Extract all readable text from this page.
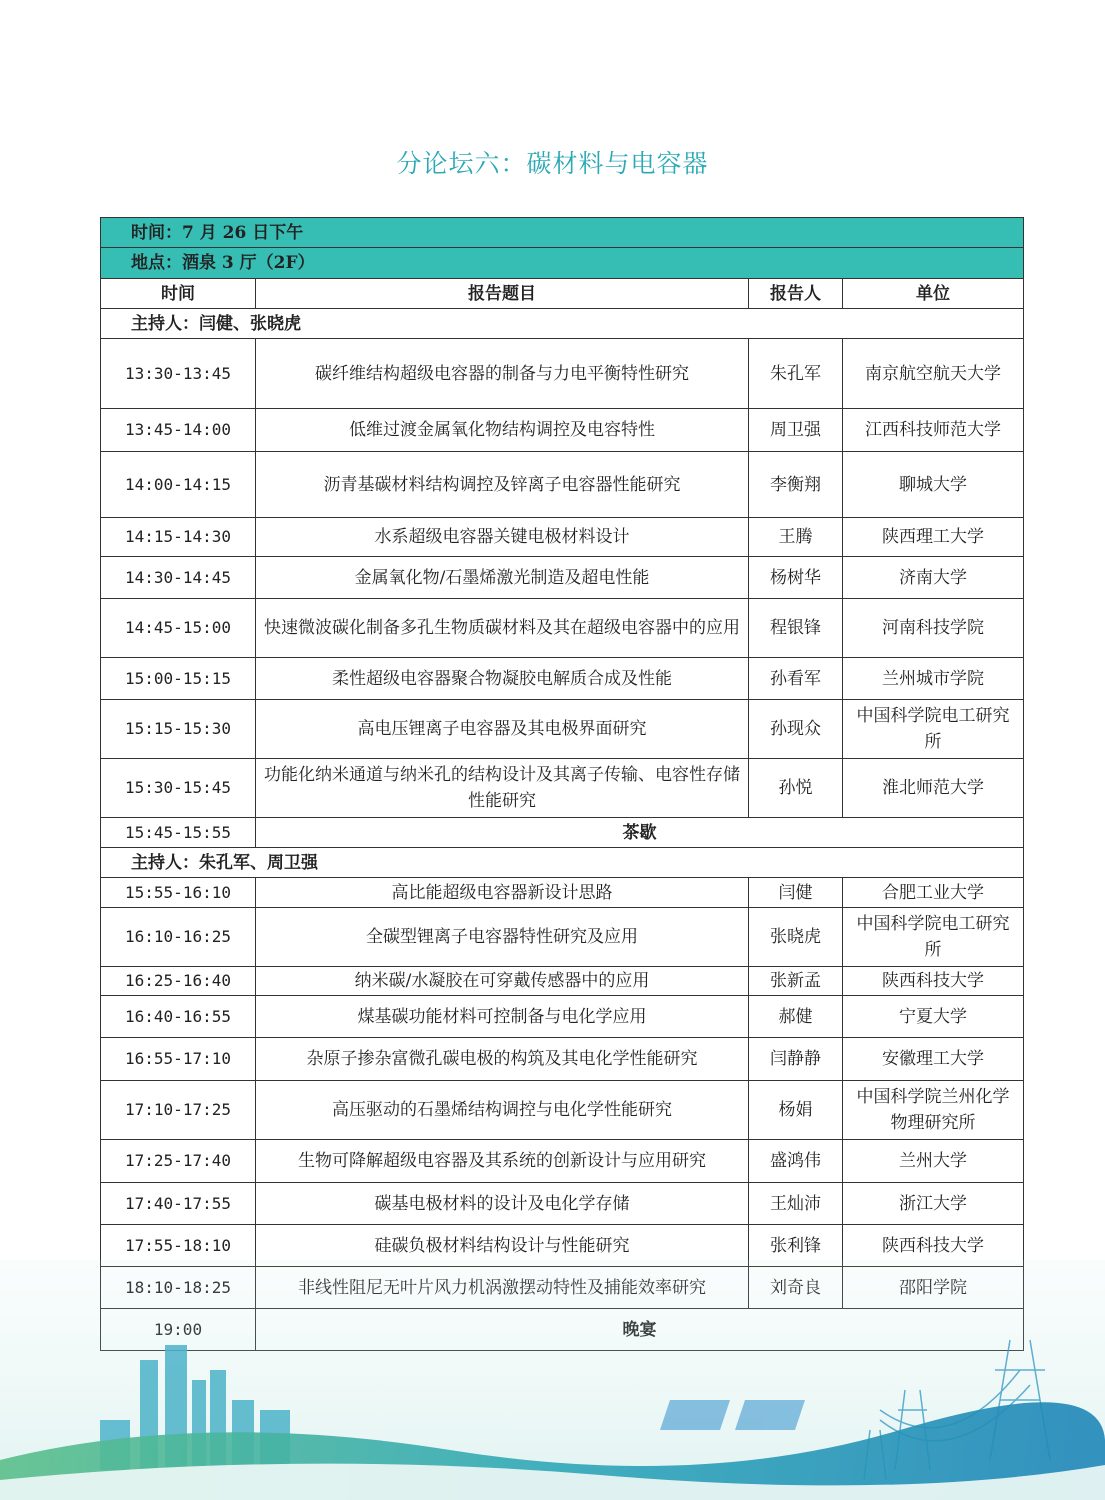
分论坛六：碳材料与电容器
时间：7 月 26 日下午			
地点：酒泉 3 厅（2F）			
时间	报告题目	报告人	单位
主持人：闫健、张晓虎			
13:30-13:45	碳纤维结构超级电容器的制备与力电平衡特性研究	朱孔军	南京航空航天大学
13:45-14:00	低维过渡金属氧化物结构调控及电容特性	周卫强	江西科技师范大学
14:00-14:15	沥青基碳材料结构调控及锌离子电容器性能研究	李衡翔	聊城大学
14:15-14:30	水系超级电容器关键电极材料设计	王腾	陕西理工大学
14:30-14:45	金属氧化物/石墨烯激光制造及超电性能	杨树华	济南大学
14:45-15:00	快速微波碳化制备多孔生物质碳材料及其在超级电容器中的应用	程银锋	河南科技学院
15:00-15:15	柔性超级电容器聚合物凝胶电解质合成及性能	孙看军	兰州城市学院
15:15-15:30	高电压锂离子电容器及其电极界面研究	孙现众	中国科学院电工研究所
15:30-15:45	功能化纳米通道与纳米孔的结构设计及其离子传输、电容性存储性能研究	孙悦	淮北师范大学
15:45-15:55	茶歇		
主持人：朱孔军、周卫强			
15:55-16:10	高比能超级电容器新设计思路	闫健	合肥工业大学
16:10-16:25	全碳型锂离子电容器特性研究及应用	张晓虎	中国科学院电工研究所
16:25-16:40	纳米碳/水凝胶在可穿戴传感器中的应用	张新孟	陕西科技大学
16:40-16:55	煤基碳功能材料可控制备与电化学应用	郝健	宁夏大学
16:55-17:10	杂原子掺杂富微孔碳电极的构筑及其电化学性能研究	闫静静	安徽理工大学
17:10-17:25	高压驱动的石墨烯结构调控与电化学性能研究	杨娟	中国科学院兰州化学物理研究所
17:25-17:40	生物可降解超级电容器及其系统的创新设计与应用研究	盛鸿伟	兰州大学
17:40-17:55	碳基电极材料的设计及电化学存储	王灿沛	浙江大学
17:55-18:10	硅碳负极材料结构设计与性能研究	张利锋	陕西科技大学
18:10-18:25	非线性阻尼无叶片风力机涡激摆动特性及捕能效率研究	刘奇良	邵阳学院
19:00	晚宴		
